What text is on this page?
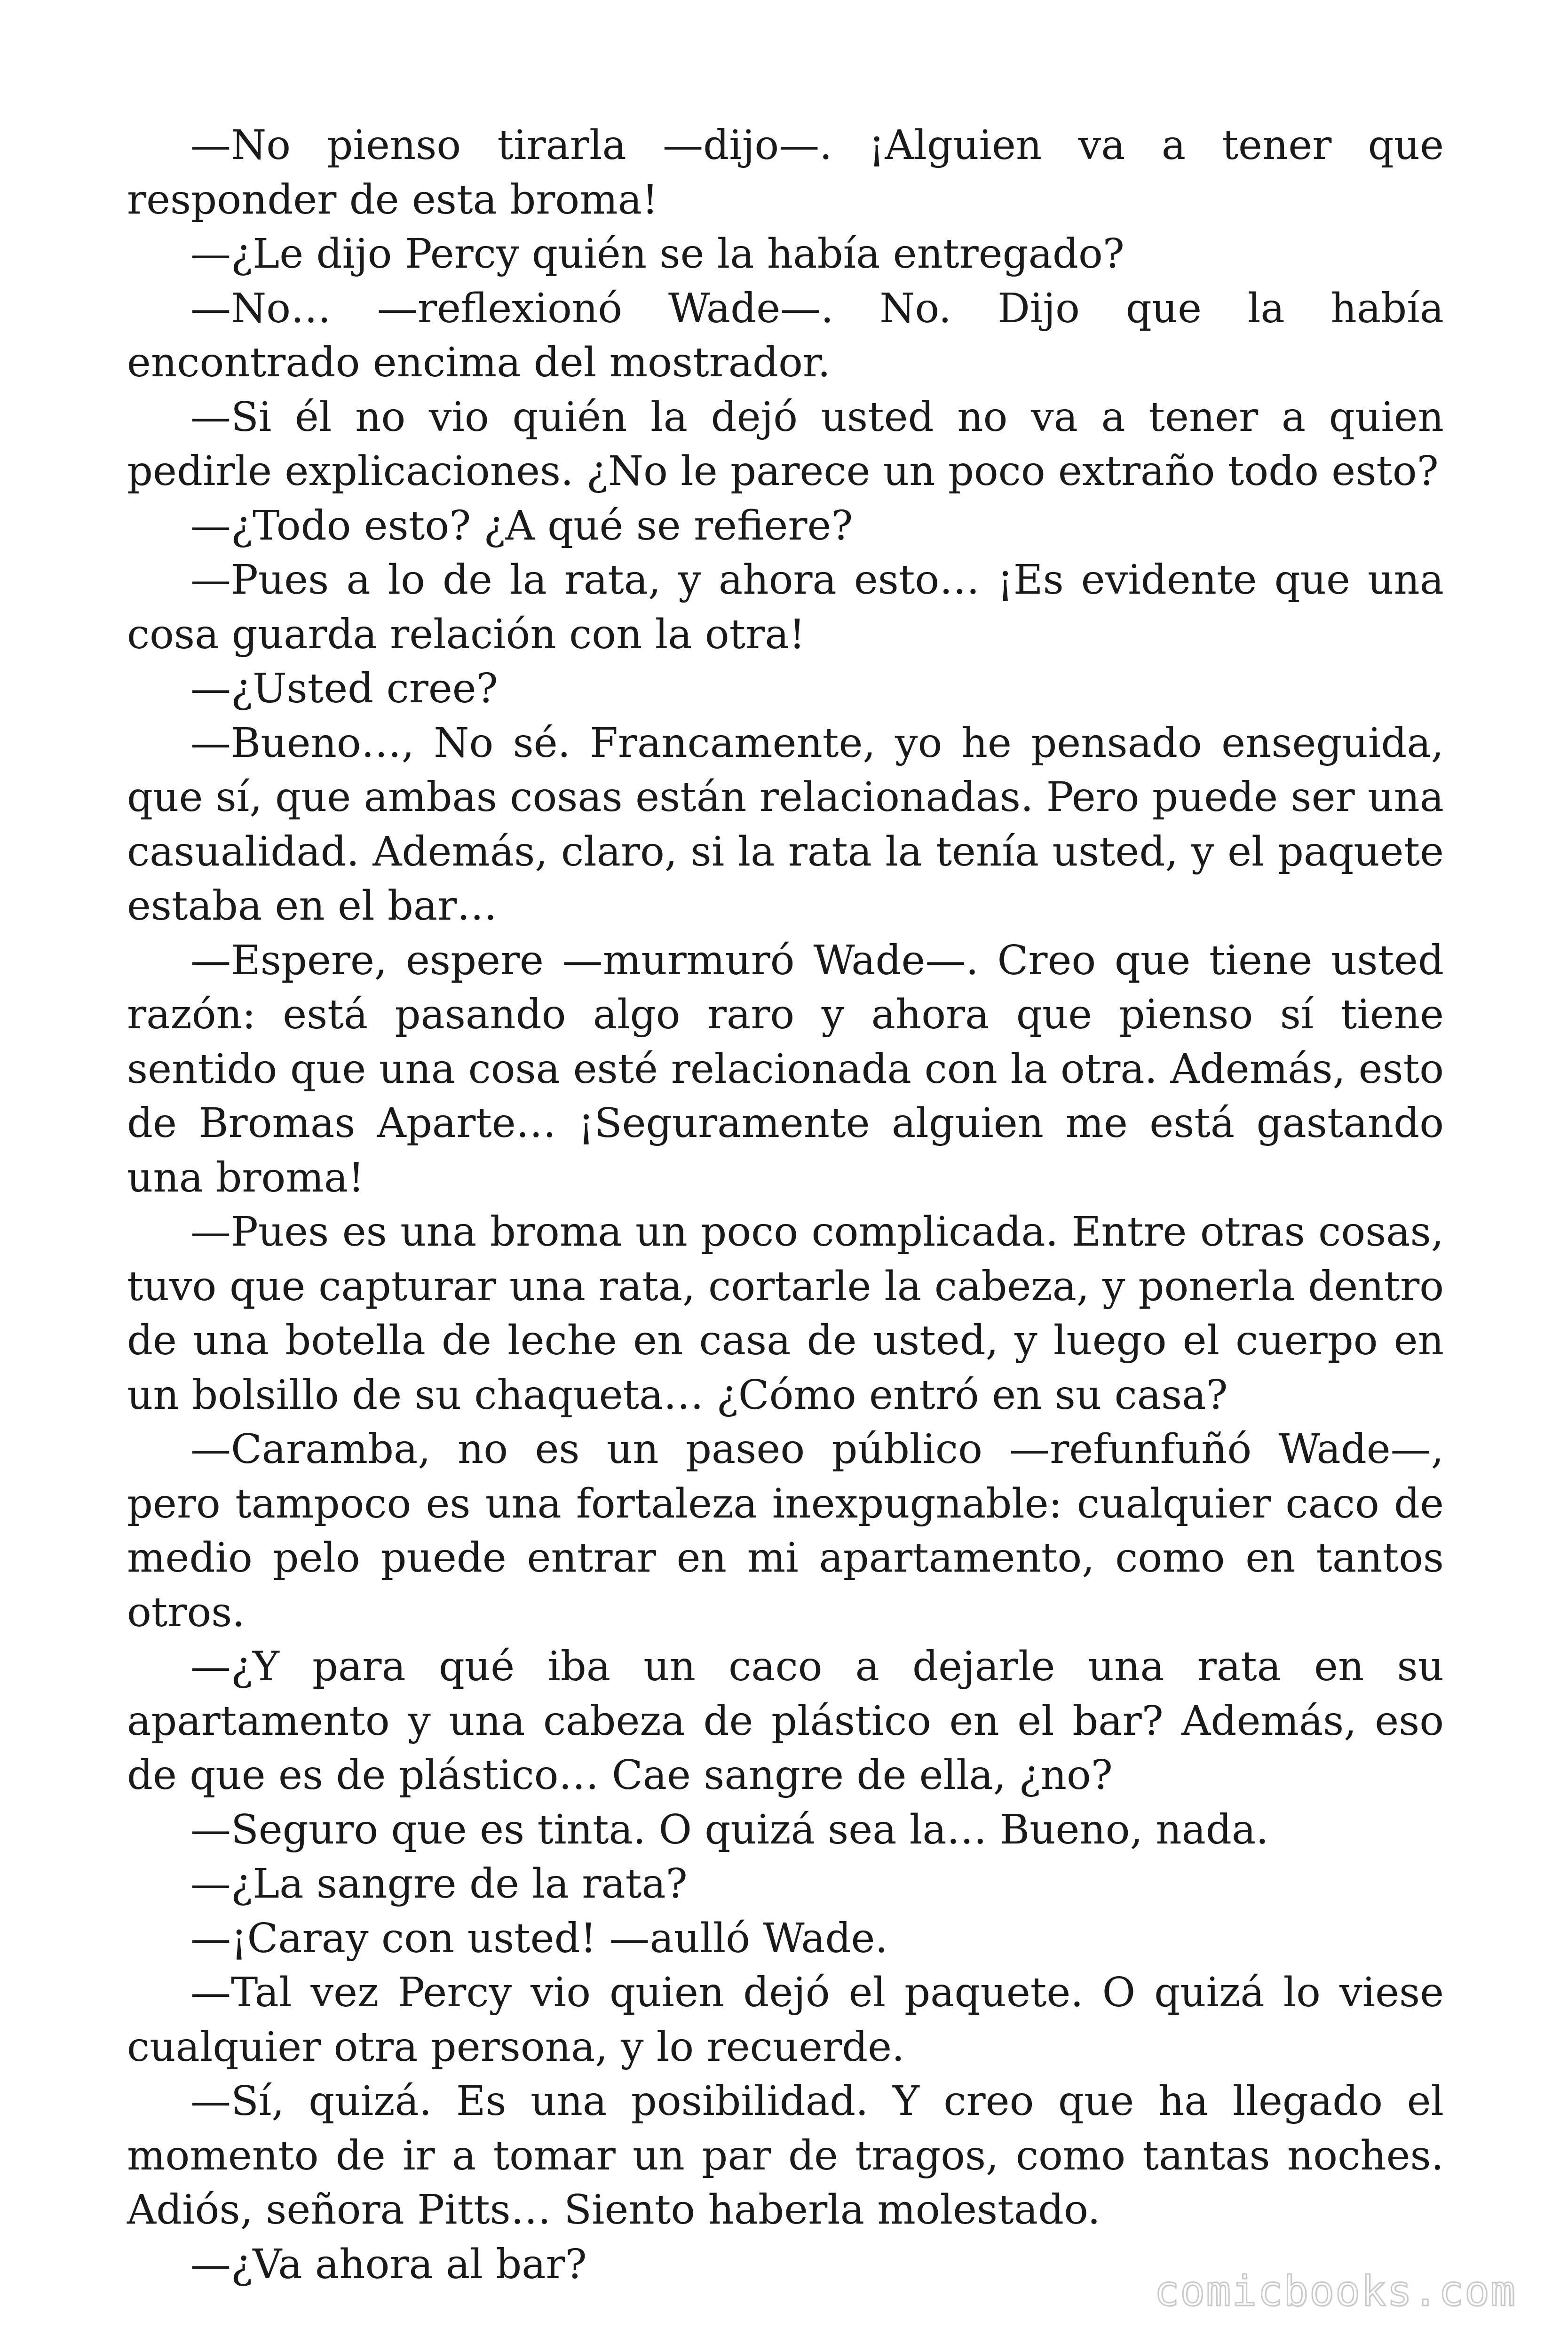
—No pienso tirarla —dijo—. ¡Alguien va a tener que responder de esta broma!

—¿Le dijo Percy quién se la había entregado?

—No… —reflexionó Wade—. No. Dijo que la había encontrado encima del mostrador.

—Si él no vio quién la dejó usted no va a tener a quien pedirle explicaciones. ¿No le parece un poco extraño todo esto?

—¿Todo esto? ¿A qué se refiere?

—Pues a lo de la rata, y ahora esto… ¡Es evidente que una cosa guarda relación con la otra!

—¿Usted cree?

—Bueno…, No sé. Francamente, yo he pensado enseguida, que sí, que ambas cosas están relacionadas. Pero puede ser una casualidad. Además, claro, si la rata la tenía usted, y el paquete estaba en el bar…

—Espere, espere —murmuró Wade—. Creo que tiene usted razón: está pasando algo raro y ahora que pienso sí tiene sentido que una cosa esté relacionada con la otra. Además, esto de Bromas Aparte… ¡Seguramente alguien me está gastando una broma!

—Pues es una broma un poco complicada. Entre otras cosas, tuvo que capturar una rata, cortarle la cabeza, y ponerla dentro de una botella de leche en casa de usted, y luego el cuerpo en un bolsillo de su chaqueta… ¿Cómo entró en su casa?

—Caramba, no es un paseo público —refunfuñó Wade—, pero tampoco es una fortaleza inexpugnable: cualquier caco de medio pelo puede entrar en mi apartamento, como en tantos otros.

—¿Y para qué iba un caco a dejarle una rata en su apartamento y una cabeza de plástico en el bar? Además, eso de que es de plástico… Cae sangre de ella, ¿no?

—Seguro que es tinta. O quizá sea la… Bueno, nada.

—¿La sangre de la rata?

—¡Caray con usted! —aulló Wade.

—Tal vez Percy vio quien dejó el paquete. O quizá lo viese cualquier otra persona, y lo recuerde.

—Sí, quizá. Es una posibilidad. Y creo que ha llegado el momento de ir a tomar un par de tragos, como tantas noches. Adiós, señora Pitts… Siento haberla molestado.

—¿Va ahora al bar?

comicbooks.com
